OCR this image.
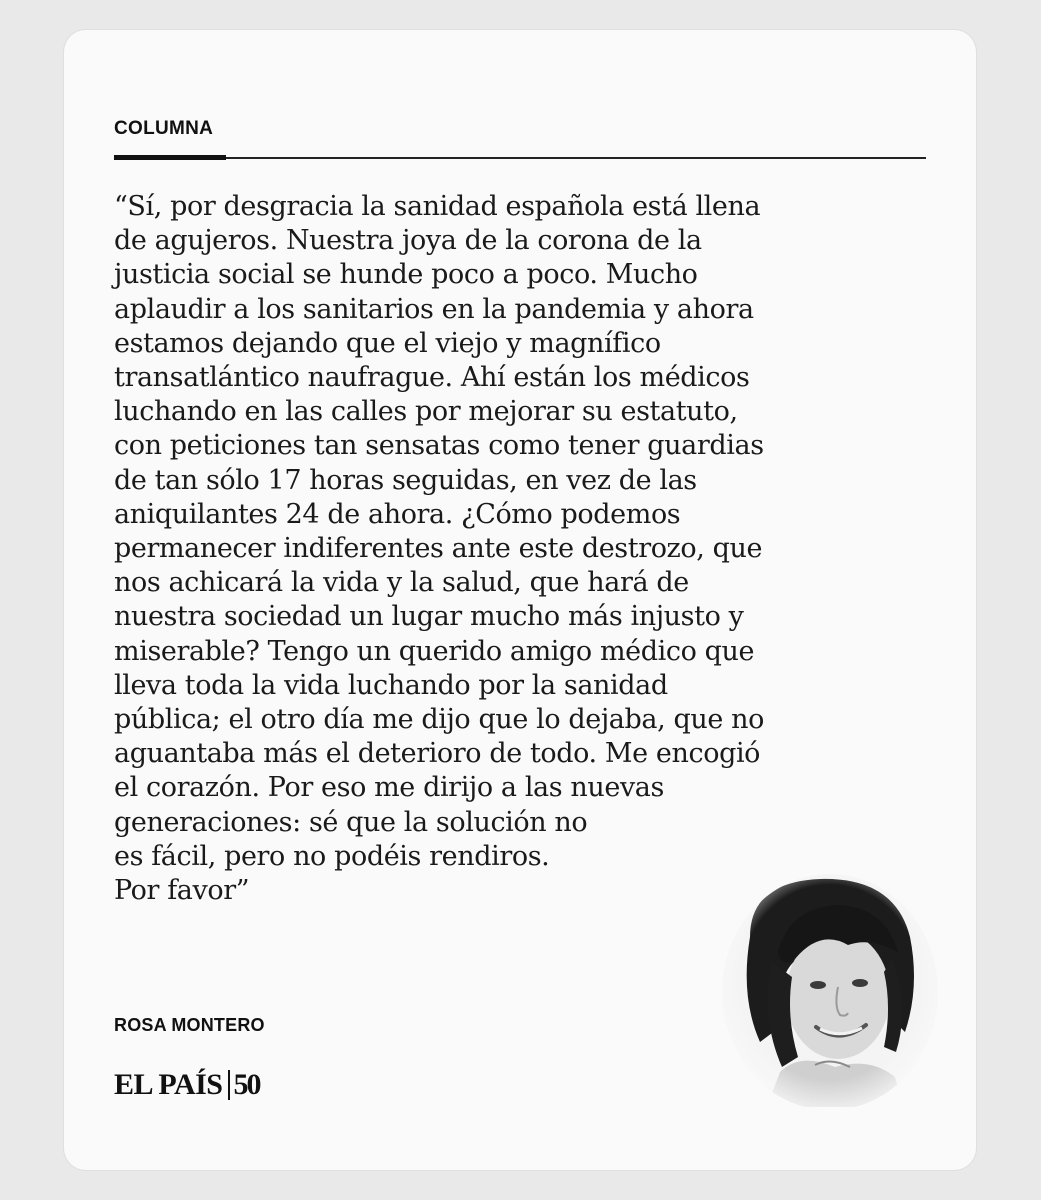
COLUMNA

“Sí, por desgracia la sanidad española está llena
de agujeros. Nuestra joya de la corona de la
justicia social se hunde poco a poco. Mucho
aplaudir a los sanitarios en la pandemia y ahora
estamos dejando que el viejo y magnífico
transatlántico naufrague. Ahí están los médicos
luchando en las calles por mejorar su estatuto,
con peticiones tan sensatas como tener guardias
de tan sólo 17 horas seguidas, en vez de las
aniquilantes 24 de ahora. ¿Cómo podemos
permanecer indiferentes ante este destrozo, que
nos achicará la vida y la salud, que hará de
nuestra sociedad un lugar mucho más injusto y
miserable? Tengo un querido amigo médico que
lleva toda la vida luchando por la sanidad
pública; el otro día me dijo que lo dejaba, que no
aguantaba más el deterioro de todo. Me encogió
el corazón. Por eso me dirijo a las nuevas
generaciones: sé que la solución no
es fácil, pero no podéis rendiros.
Por favor”

ROSA MONTERO
EL PAÍS 50
